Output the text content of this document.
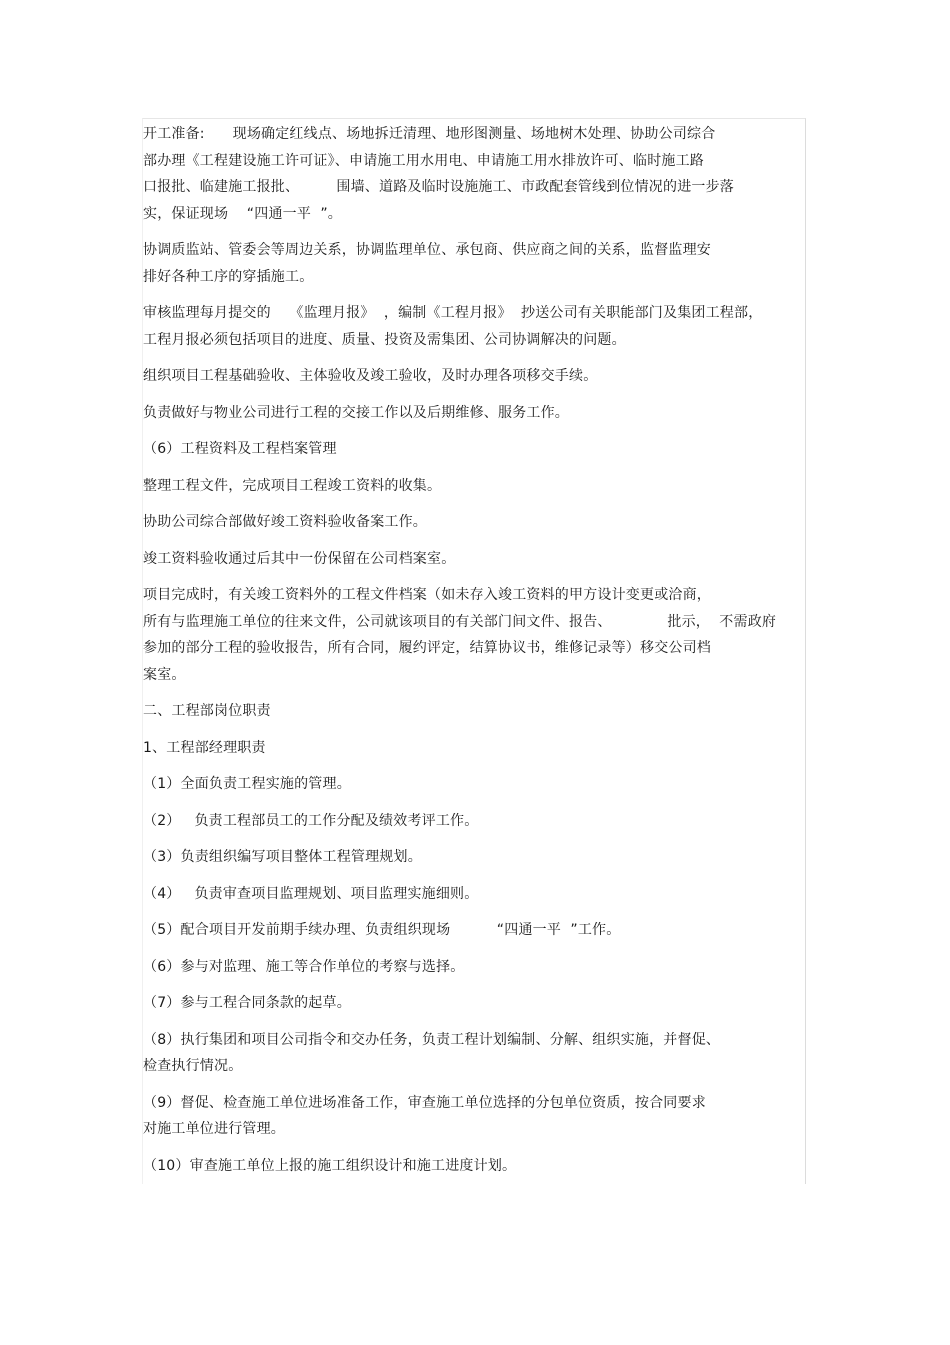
开工准备:      现场确定红线点、场地拆迁清理、地形图测量、场地树木处理、协助公司综合
部办理《工程建设施工许可证》、申请施工用水用电、申请施工用水排放许可、临时施工路
口报批、临建施工报批、        围墙、道路及临时设施施工、市政配套管线到位情况的进一步落
实，保证现场    “四通一平  ”。
协调质监站、管委会等周边关系，协调监理单位、承包商、供应商之间的关系，监督监理安
排好各种工序的穿插施工。
审核监理每月提交的    《监理月报》  ，编制《工程月报》  抄送公司有关职能部门及集团工程部，
工程月报必须包括项目的进度、质量、投资及需集团、公司协调解决的问题。
组织项目工程基础验收、主体验收及竣工验收，及时办理各项移交手续。
负责做好与物业公司进行工程的交接工作以及后期维修、服务工作。
（6）工程资料及工程档案管理
整理工程文件，完成项目工程竣工资料的收集。
协助公司综合部做好竣工资料验收备案工作。
竣工资料验收通过后其中一份保留在公司档案室。
项目完成时，有关竣工资料外的工程文件档案（如未存入竣工资料的甲方设计变更或洽商，
所有与监理施工单位的往来文件，公司就该项目的有关部门间文件、报告、            批示，  不需政府
参加的部分工程的验收报告，所有合同，履约评定，结算协议书，维修记录等）移交公司档
案室。
二、工程部岗位职责
1、工程部经理职责
（1）全面负责工程实施的管理。
（2）   负责工程部员工的工作分配及绩效考评工作。
（3）负责组织编写项目整体工程管理规划。
（4）   负责审查项目监理规划、项目监理实施细则。
（5）配合项目开发前期手续办理、负责组织现场          “四通一平  ”工作。
（6）参与对监理、施工等合作单位的考察与选择。
（7）参与工程合同条款的起草。
（8）执行集团和项目公司指令和交办任务，负责工程计划编制、分解、组织实施，并督促、
检查执行情况。
（9）督促、检查施工单位进场准备工作，审查施工单位选择的分包单位资质，按合同要求
对施工单位进行管理。
（10）审查施工单位上报的施工组织设计和施工进度计划。
